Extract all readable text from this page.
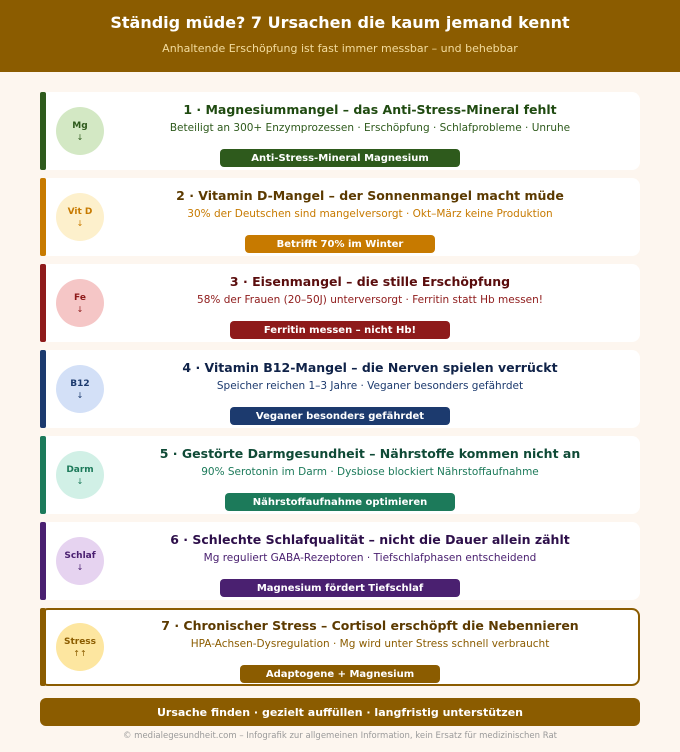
Ständig müde? 7 Ursachen die kaum jemand kennt
Anhaltende Erschöpfung ist fast immer messbar – und behebbar
Mg
↓
1 · Magnesiummangel – das Anti-Stress-Mineral fehlt
Beteiligt an 300+ Enzymprozessen · Erschöpfung · Schlafprobleme · Unruhe
Anti-Stress-Mineral Magnesium
Vit D
↓
2 · Vitamin D-Mangel – der Sonnenmangel macht müde
30% der Deutschen sind mangelversorgt · Okt–März keine Produktion
Betrifft 70% im Winter
Fe
↓
3 · Eisenmangel – die stille Erschöpfung
58% der Frauen (20–50J) unterversorgt · Ferritin statt Hb messen!
Ferritin messen – nicht Hb!
B12
↓
4 · Vitamin B12-Mangel – die Nerven spielen verrückt
Speicher reichen 1–3 Jahre · Veganer besonders gefährdet
Veganer besonders gefährdet
Darm
↓
5 · Gestörte Darmgesundheit – Nährstoffe kommen nicht an
90% Serotonin im Darm · Dysbiose blockiert Nährstoffaufnahme
Nährstoffaufnahme optimieren
Schlaf
↓
6 · Schlechte Schlafqualität – nicht die Dauer allein zählt
Mg reguliert GABA-Rezeptoren · Tiefschlafphasen entscheidend
Magnesium fördert Tiefschlaf
Stress
↑↑
7 · Chronischer Stress – Cortisol erschöpft die Nebennieren
HPA-Achsen-Dysregulation · Mg wird unter Stress schnell verbraucht
Adaptogene + Magnesium
Ursache finden · gezielt auffüllen · langfristig unterstützen
© medialegesundheit.com – Infografik zur allgemeinen Information, kein Ersatz für medizinischen Rat
